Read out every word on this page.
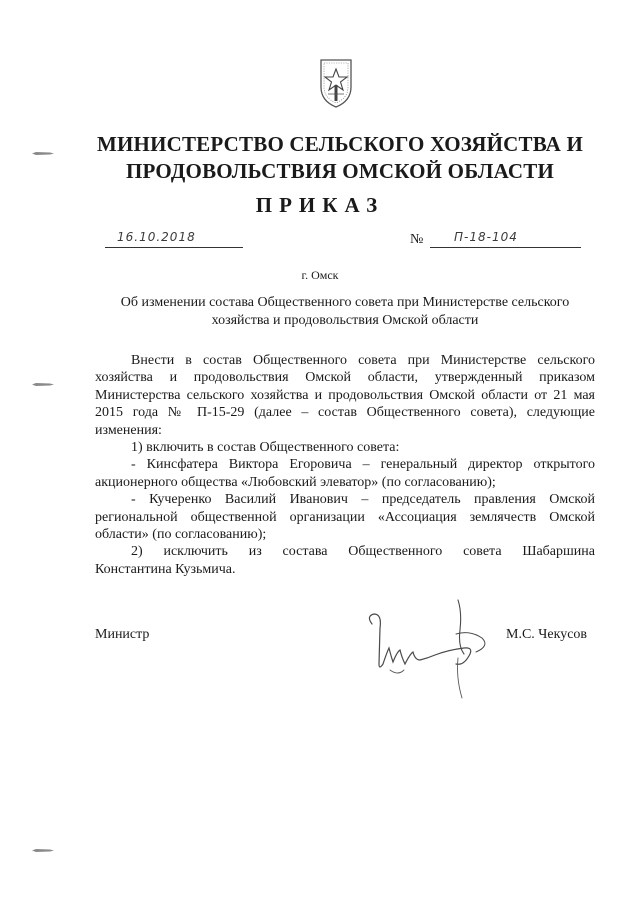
МИНИСТЕРСТВО СЕЛЬСКОГО ХОЗЯЙСТВА И
ПРОДОВОЛЬСТВИЯ ОМСКОЙ ОБЛАСТИ
ПРИКАЗ
16.10.2018	№	П-18-104
г. Омск
Об изменении состава Общественного совета при Министерстве сельского
хозяйства и продовольствия Омской области

Внести в состав Общественного совета при Министерстве сельского хозяйства и продовольствия Омской области, утвержденный приказом Министерства сельского хозяйства и продовольствия Омской области от 21 мая 2015 года № П-15-29 (далее – состав Общественного совета), следующие изменения:

1) включить в состав Общественного совета:

- Кинсфатера Виктора Егоровича – генеральный директор открытого акционерного общества «Любовский элеватор» (по согласованию);

- Кучеренко Василий Иванович – председатель правления Омской региональной общественной организации «Ассоциация землячеств Омской области» (по согласованию);

2) исключить из состава Общественного совета Шабаршина

Константина Кузьмича.

Министр	М.С. Чекусов
